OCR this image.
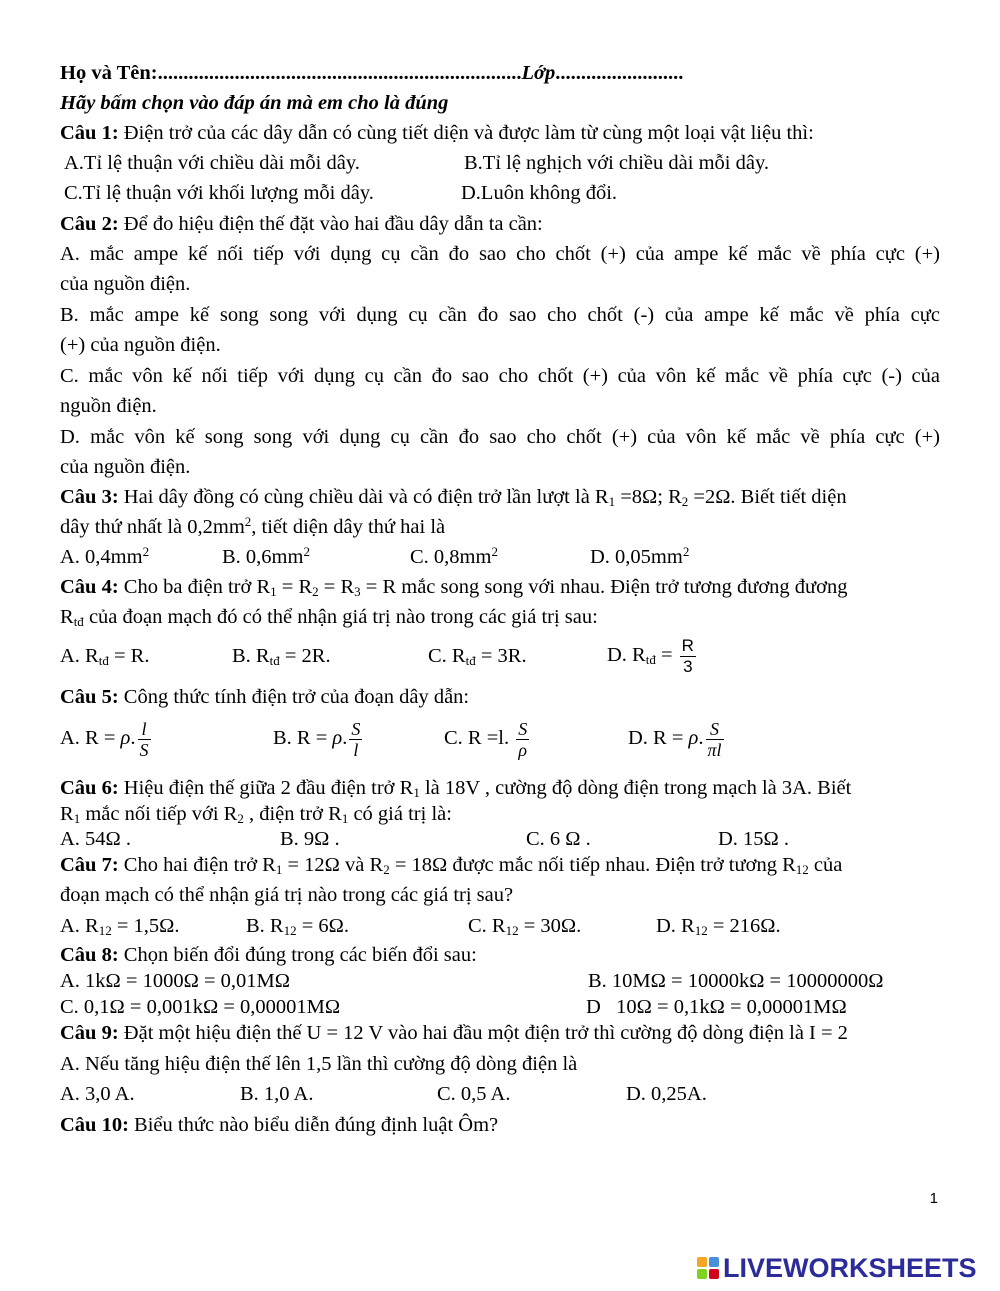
Họ và Tên:.......................................................................Lớp.........................
Hãy bấm chọn vào đáp án mà em cho là đúng
Câu 1: Điện trở của các dây dẫn có cùng tiết diện và được làm từ cùng một loại vật liệu thì:
A.Tỉ lệ thuận với chiều dài mỗi dây.	B.Tỉ lệ nghịch với chiều dài mỗi dây.
C.Tỉ lệ thuận với khối lượng mỗi dây.	D.Luôn không đổi.
Câu 2: Để đo hiệu điện thế đặt vào hai đầu dây dẫn ta cần:
A. mắc ampe kế nối tiếp với dụng cụ cần đo sao cho chốt (+) của ampe kế mắc về phía cực (+)
của nguồn điện.
B. mắc ampe kế song song với dụng cụ cần đo sao cho chốt (-) của ampe kế mắc về phía cực
(+) của nguồn điện.
C. mắc vôn kế nối tiếp với dụng cụ cần đo sao cho chốt (+) của vôn kế mắc về phía cực (-) của
nguồn điện.
D. mắc vôn kế song song với dụng cụ cần đo sao cho chốt (+) của vôn kế mắc về phía cực (+)
của nguồn điện.
Câu 3: Hai dây đồng có cùng chiều dài và có điện trở lần lượt là $R_1 =8\Omega$; $R_2 =2\Omega$. Biết tiết diện
dây thứ nhất là $0,2mm^2$, tiết diện dây thứ hai là
A. $0,4mm^2$	B. $0,6mm^2$	C. $0,8mm^2$	D. $0,05mm^2$
Câu 4: Cho ba điện trở $R_1 = R_2 = R_3 = R$ mắc song song với nhau. Điện trở tương đương đương
$R_{tđ}$ của đoạn mạch đó có thể nhận giá trị nào trong các giá trị sau:
A. $R_{tđ} = R$.	B. $R_{tđ} = 2R$.	C. $R_{tđ} = 3R$.	D. $R_{tđ} = \frac{R}{3}$
Câu 5: Công thức tính điện trở của đoạn dây dẫn:
A. R = ρ. $\frac{l}{S}$	B. R = ρ. $\frac{S}{l}$	C. R =l. $\frac{S}{\rho}$	D. R = ρ. $\frac{S}{\pi l}$
Câu 6: Hiệu điện thế giữa 2 đầu điện trở $R_1$ là 18V , cường độ dòng điện trong mạch là 3A. Biết
$R_1$ mắc nối tiếp với $R_2$ , điện trở $R_1$ có giá trị là:
A. 54Ω .	B. 9Ω .	C. 6 Ω .	D. 15Ω .
Câu 7: Cho hai điện trở $R_1 = 12\Omega$ và $R_2 = 18\Omega$ được mắc nối tiếp nhau. Điện trở tương $R_{12}$ của
đoạn mạch có thể nhận giá trị nào trong các giá trị sau?
A. $R_{12} = 1,5\Omega$.	B. $R_{12} = 6\Omega$.	C. $R_{12} = 30\Omega$.	D. $R_{12} = 216\Omega$.
Câu 8: Chọn biến đổi đúng trong các biến đổi sau:
A. 1kΩ = 1000Ω = 0,01MΩ	B. 10MΩ = 10000kΩ = 10000000Ω
C. 0,1Ω = 0,001kΩ = 0,00001MΩ	D   10Ω = 0,1kΩ = 0,00001MΩ
Câu 9: Đặt một hiệu điện thế U = 12 V vào hai đầu một điện trở thì cường độ dòng điện là I = 2
A. Nếu tăng hiệu điện thế lên 1,5 lần thì cường độ dòng điện là
A. 3,0 A.	B. 1,0 A.	C. 0,5 A.	D. 0,25A.
Câu 10: Biểu thức nào biểu diễn đúng định luật Ôm?
1
LIVEWORKSHEETS
